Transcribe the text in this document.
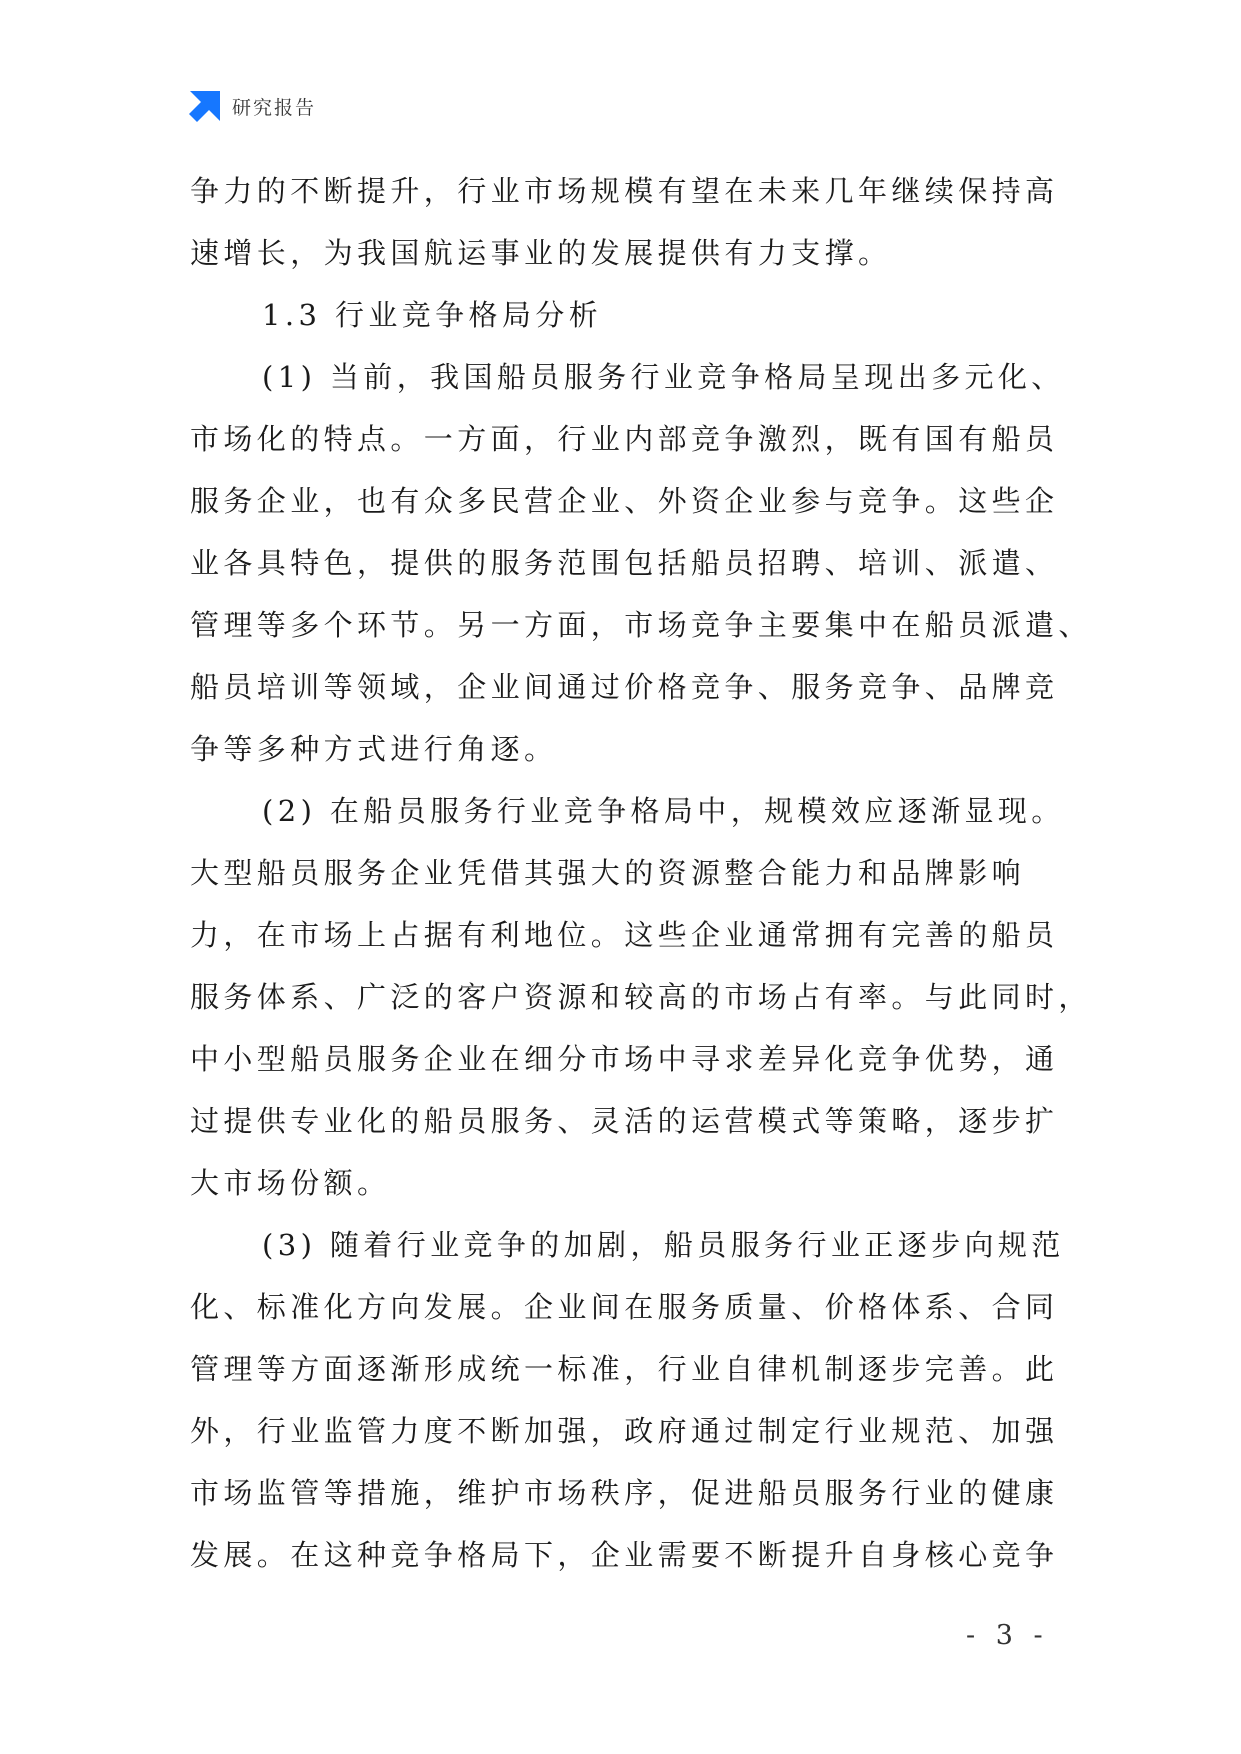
研究报告
争力的不断提升，行业市场规模有望在未来几年继续保持高
速增长，为我国航运事业的发展提供有力支撑。
1.3 行业竞争格局分析
(1) 当前，我国船员服务行业竞争格局呈现出多元化、
市场化的特点。一方面，行业内部竞争激烈，既有国有船员
服务企业，也有众多民营企业、外资企业参与竞争。这些企
业各具特色，提供的服务范围包括船员招聘、培训、派遣、
管理等多个环节。另一方面，市场竞争主要集中在船员派遣、
船员培训等领域，企业间通过价格竞争、服务竞争、品牌竞
争等多种方式进行角逐。
(2) 在船员服务行业竞争格局中，规模效应逐渐显现。
大型船员服务企业凭借其强大的资源整合能力和品牌影响
力，在市场上占据有利地位。这些企业通常拥有完善的船员
服务体系、广泛的客户资源和较高的市场占有率。与此同时，
中小型船员服务企业在细分市场中寻求差异化竞争优势，通
过提供专业化的船员服务、灵活的运营模式等策略，逐步扩
大市场份额。
(3) 随着行业竞争的加剧，船员服务行业正逐步向规范
化、标准化方向发展。企业间在服务质量、价格体系、合同
管理等方面逐渐形成统一标准，行业自律机制逐步完善。此
外，行业监管力度不断加强，政府通过制定行业规范、加强
市场监管等措施，维护市场秩序，促进船员服务行业的健康
发展。在这种竞争格局下，企业需要不断提升自身核心竞争
- 3 -
